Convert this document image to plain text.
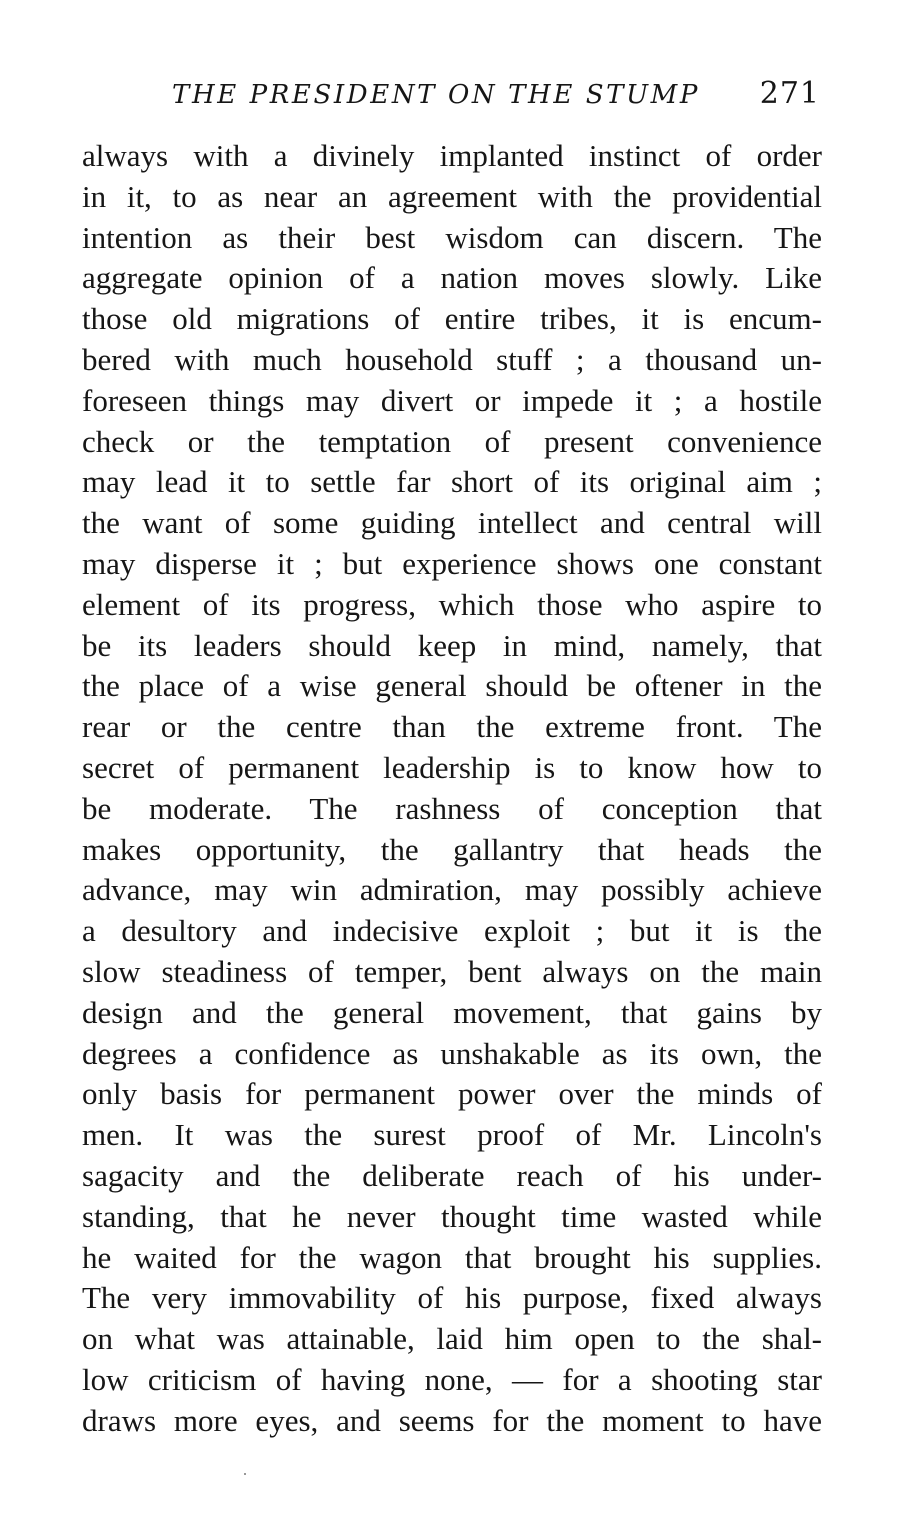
THE PRESIDENT ON THE STUMP 271
always with a divinely implanted instinct of order
in it, to as near an agreement with the providential
intention as their best wisdom can discern. The
aggregate opinion of a nation moves slowly. Like
those old migrations of entire tribes, it is encum-
bered with much household stuff ; a thousand un-
foreseen things may divert or impede it ; a hostile
check or the temptation of present convenience
may lead it to settle far short of its original aim ;
the want of some guiding intellect and central will
may disperse it ; but experience shows one constant
element of its progress, which those who aspire to
be its leaders should keep in mind, namely, that
the place of a wise general should be oftener in the
rear or the centre than the extreme front. The
secret of permanent leadership is to know how to
be moderate. The rashness of conception that
makes opportunity, the gallantry that heads the
advance, may win admiration, may possibly achieve
a desultory and indecisive exploit ; but it is the
slow steadiness of temper, bent always on the main
design and the general movement, that gains by
degrees a confidence as unshakable as its own, the
only basis for permanent power over the minds of
men. It was the surest proof of Mr. Lincoln's
sagacity and the deliberate reach of his under-
standing, that he never thought time wasted while
he waited for the wagon that brought his supplies.
The very immovability of his purpose, fixed always
on what was attainable, laid him open to the shal-
low criticism of having none, — for a shooting star
draws more eyes, and seems for the moment to have
